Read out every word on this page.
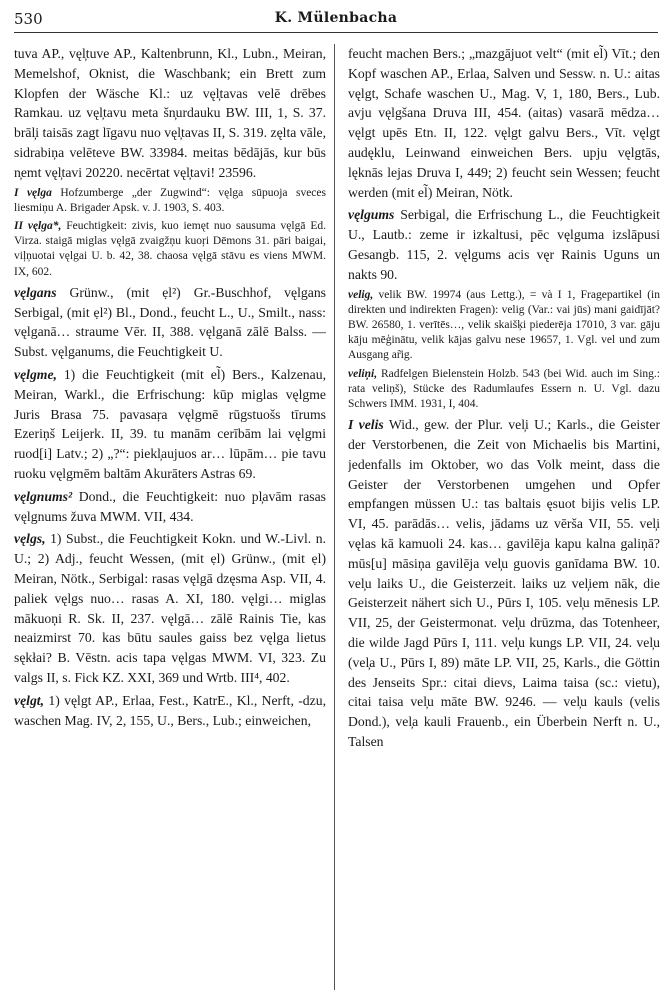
530	K. Mülenbacha

tuva AP., vęl̦tuve AP., Kaltenbrunn, Kl., Lubn., Meiran, Memelshof, Oknist, die Waschbank; ein Brett zum Klopfen der Wäsche Kl.: uz vęl̦tavas velē drēbes Ramkau. uz vęl̦tavu meta šn̦urdauku BW. III, 1, S. 37. brāl̦i taisās zagt līgavu nuo vęl̦tavas II, S. 319. zęlta vāle, sidrabiņa velēteve BW. 33984. meitas bēdājās, kur būs n̦emt vęl̦tavi 20220. necērtat vęl̦tavi! 23596.

I vęlga Hofzumberge „der Zugwind“: vęlga sūpuoja sveces liesmiņu A. Brigader Apsk. v. J. 1903, S. 403.

II vęlga*, Feuchtigkeit: zivis, kuo iemęt nuo sausuma vęlgā Ed. Virza. staigā miglas vęlgā zvaigžņu kuoŗi Dēmons 31. pāri baigai, viļņuotai vęlgai U. b. 42, 38. chaosa vęlgā stāvu es viens MWM. IX, 602.

vęlgans Grünw., (mit ẹl²) Gr.-Buschhof, vęlgans Serbigal, (mit ẹl²) Bl., Dond., feucht L., U., Smilt., nass: vęlganā… straume Vēr. II, 388. vęlganā zālē Balss. — Subst. vęlganums, die Feuchtigkeit U.

vęlgme, 1) die Feuchtigkeit (mit el̃) Bers., Kalzenau, Meiran, Warkl., die Erfrischung: kūp miglas vęlgme Juris Brasa 75. pavasaŗa vęlgmē rūgstuošs tīrums Ezeriņš Leijerk. II, 39. tu manām cerībām lai vęlgmi ruod[i] Latv.; 2) „?“: piekl̦aujuos ar… lūpām… pie tavu ruoku vęlgmēm baltām Akurāters Astras 69.

vęlgnums² Dond., die Feuchtigkeit: nuo pl̦avām rasas vęlgnums žuva MWM. VII, 434.

vęlgs, 1) Subst., die Feuchtigkeit Kokn. und W.-Livl. n. U.; 2) Adj., feucht Wessen, (mit ẹl) Grünw., (mit ẹl) Meiran, Nötk., Serbigal: rasas vęlgā dzęsma Asp. VII, 4. paliek vęlgs nuo… rasas A. XI, 180. vęlgi… miglas mākuoņi R. Sk. II, 237. vęlgā… zālē Rainis Tie, kas neaizmirst 70. kas būtu saules gaiss bez vęlga lietus sękłai? B. Vēstn. acis tapa vęlgas MWM. VI, 323. Zu valgs II, s. Fick KZ. XXI, 369 und Wrtb. III⁴, 402.

vęlgt, 1) vęlgt AP., Erlaa, Fest., KatrE., Kl., Nerft, -dzu, waschen Mag. IV, 2, 155, U., Bers., Lub.; einweichen,

feucht machen Bers.; „mazgājuot velt“ (mit el̃) Vīt.; den Kopf waschen AP., Erlaa, Salven und Sessw. n. U.: aitas vęlgt, Schafe waschen U., Mag. V, 1, 180, Bers., Lub. avju vęlgšana Druva III, 454. (aitas) vasarā mēdza… vęlgt upēs Etn. II, 122. vęlgt galvu Bers., Vīt. vęlgt audęklu, Leinwand einweichen Bers. upju vęlgtās, lęknās lejas Druva I, 449; 2) feucht sein Wessen; feucht werden (mit el̃) Meiran, Nötk.

vęlgums Serbigal, die Erfrischung L., die Feuchtigkeit U., Lautb.: zeme ir izkaltusi, pēc vęlguma izslāpusi Gesangb. 115, 2. vęlgums acis vęr Rainis Uguns un nakts 90.

velig, velik BW. 19974 (aus Lettg.), = và I 1, Fragepartikel (in direkten und indirekten Fragen): velig (Var.: vai jūs) mani gaidījāt? BW. 26580, 1. verītēs…, velik skaišķi piederēja 17010, 3 var. gāju kāju mēģinātu, velik kājas galvu nese 19657, 1. Vgl. vel und zum Ausgang ar̃ig.

veliņi, Radfelgen Bielenstein Holzb. 543 (bei Wid. auch im Sing.: rata veliņš), Stücke des Radumlaufes Essern n. U. Vgl. dazu Schwers IMM. 1931, I, 404.

I velis Wid., gew. der Plur. vel̦i U.; Karls., die Geister der Verstorbenen, die Zeit von Michaelis bis Martini, jedenfalls im Oktober, wo das Volk meint, dass die Geister der Verstorbenen umgehen und Opfer empfangen müssen U.: tas baltais ęsuot bijis velis LP. VI, 45. parādās… velis, jādams uz vērša VII, 55. vel̦i vęlas kā kamuoli 24. kas… gavilēja kapu kalna galiņā? mūs[u] māsiņa gavilēja vel̦u guovis ganīdama BW. 10. vel̦u laiks U., die Geisterzeit. laiks uz vel̦iem nāk, die Geisterzeit nähert sich U., Pūrs I, 105. vel̦u mēnesis LP. VII, 25, der Geistermonat. vel̦u drūzma, das Totenheer, die wilde Jagd Pūrs I, 111. vel̦u kungs LP. VII, 24. vel̦u (vel̦a U., Pūrs I, 89) māte LP. VII, 25, Karls., die Göttin des Jenseits Spr.: citai dievs, Laima taisa (sc.: vietu), citai taisa vel̦u māte BW. 9246. — vel̦u kauls (velis Dond.), vel̦a kauli Frauenb., ein Überbein Nerft n. U., Talsen
